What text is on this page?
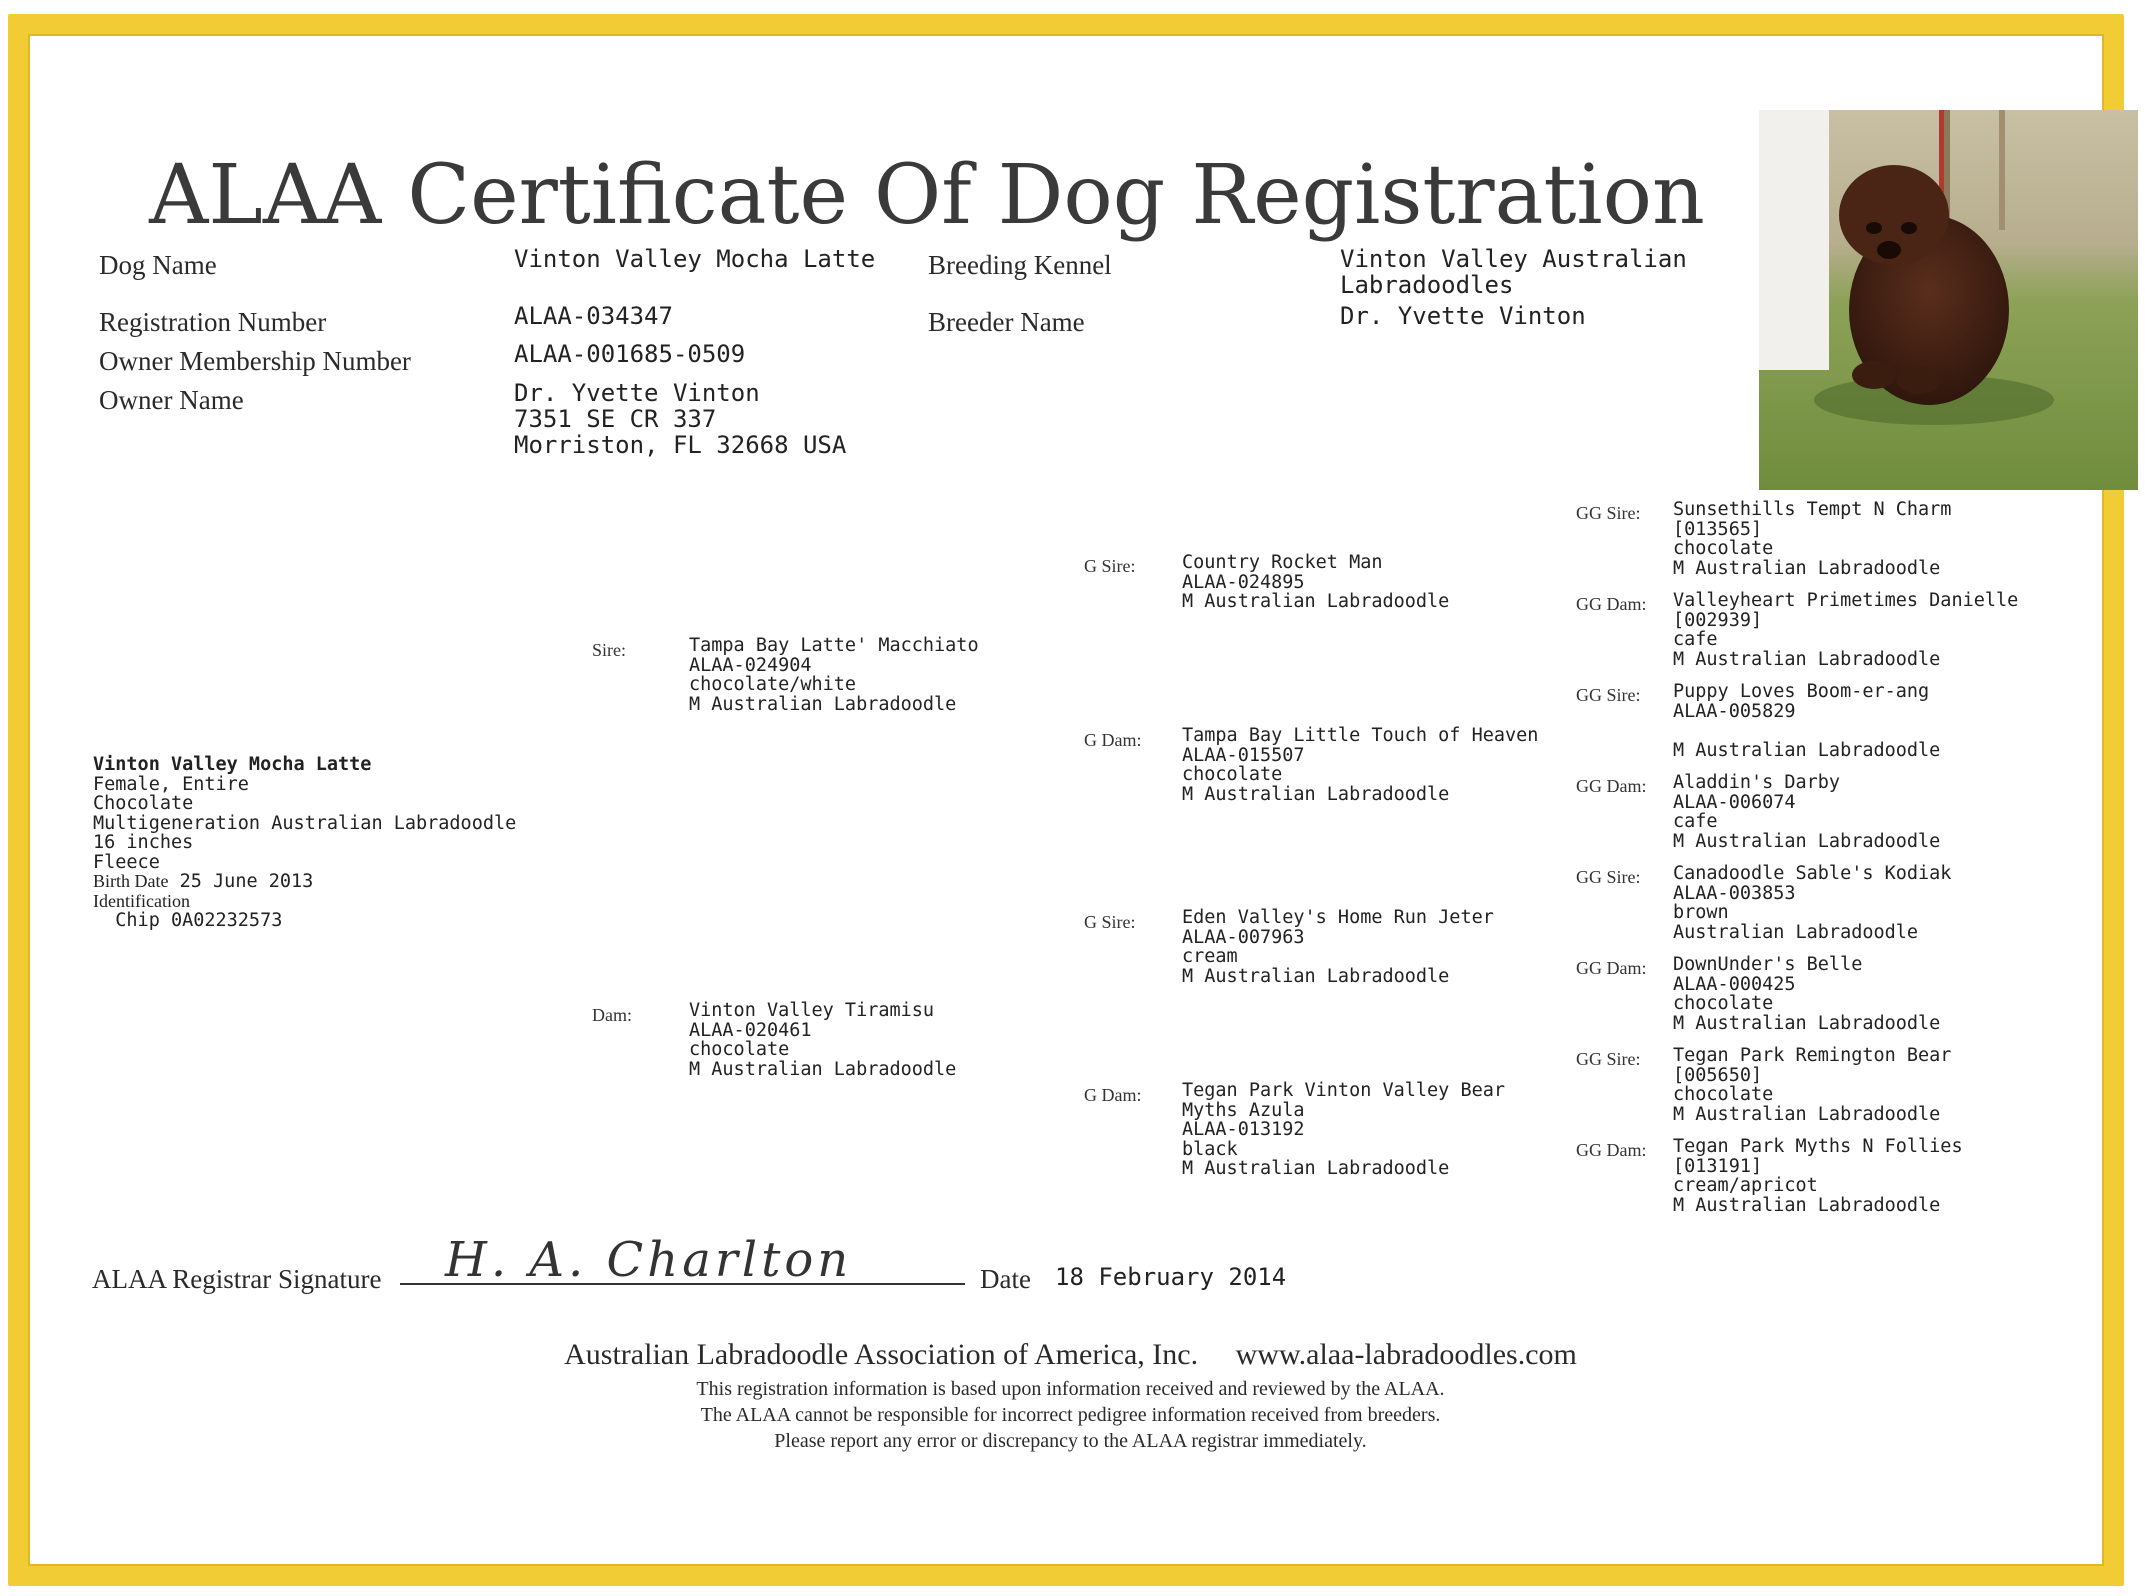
ALAA Certificate Of Dog Registration
Dog Name	Vinton Valley Mocha Latte
Registration Number	ALAA-034347
Owner Membership Number	ALAA-001685-0509
Owner Name	Dr. Yvette Vinton
7351 SE CR 337
Morriston, FL 32668 USA
Breeding Kennel	Vinton Valley Australian
Labradoodles
Breeder Name	Dr. Yvette Vinton
Vinton Valley Mocha Latte
Female, Entire
Chocolate
Multigeneration Australian Labradoodle
16 inches
Fleece
Birth Date 25 June 2013
Identification
Chip 0A02232573
Sire:	Tampa Bay Latte' Macchiato
ALAA-024904
chocolate/white
M Australian Labradoodle
Dam:	Vinton Valley Tiramisu
ALAA-020461
chocolate
M Australian Labradoodle
G Sire:	Country Rocket Man
ALAA-024895
M Australian Labradoodle
G Dam: Tampa Bay Little Touch of Heaven
ALAA-015507
chocolate
M Australian Labradoodle
G Sire:	Eden Valley's Home Run Jeter
ALAA-007963
cream
M Australian Labradoodle
G Dam: Tegan Park Vinton Valley Bear
Myths Azula
ALAA-013192
black
M Australian Labradoodle
GG Sire: Sunsethills Tempt N Charm
[013565]
chocolate
M Australian Labradoodle
GG Dam: Valleyheart Primetimes Danielle
[002939]
cafe
M Australian Labradoodle
GG Sire: Puppy Loves Boom-er-ang
ALAA-005829

M Australian Labradoodle
GG Dam: Aladdin's Darby
ALAA-006074
cafe
M Australian Labradoodle
GG Sire: Canadoodle Sable's Kodiak
ALAA-003853
brown
Australian Labradoodle
GG Dam: DownUnder's Belle
ALAA-000425
chocolate
M Australian Labradoodle
GG Sire: Tegan Park Remington Bear
[005650]
chocolate
M Australian Labradoodle
GG Dam: Tegan Park Myths N Follies
[013191]
cream/apricot
M Australian Labradoodle
ALAA Registrar Signature H. A. Charlton	Date 18 February 2014
Australian Labradoodle Association of America, Inc. www.alaa-labradoodles.com
This registration information is based upon information received and reviewed by the ALAA.
The ALAA cannot be responsible for incorrect pedigree information received from breeders.
Please report any error or discrepancy to the ALAA registrar immediately.
